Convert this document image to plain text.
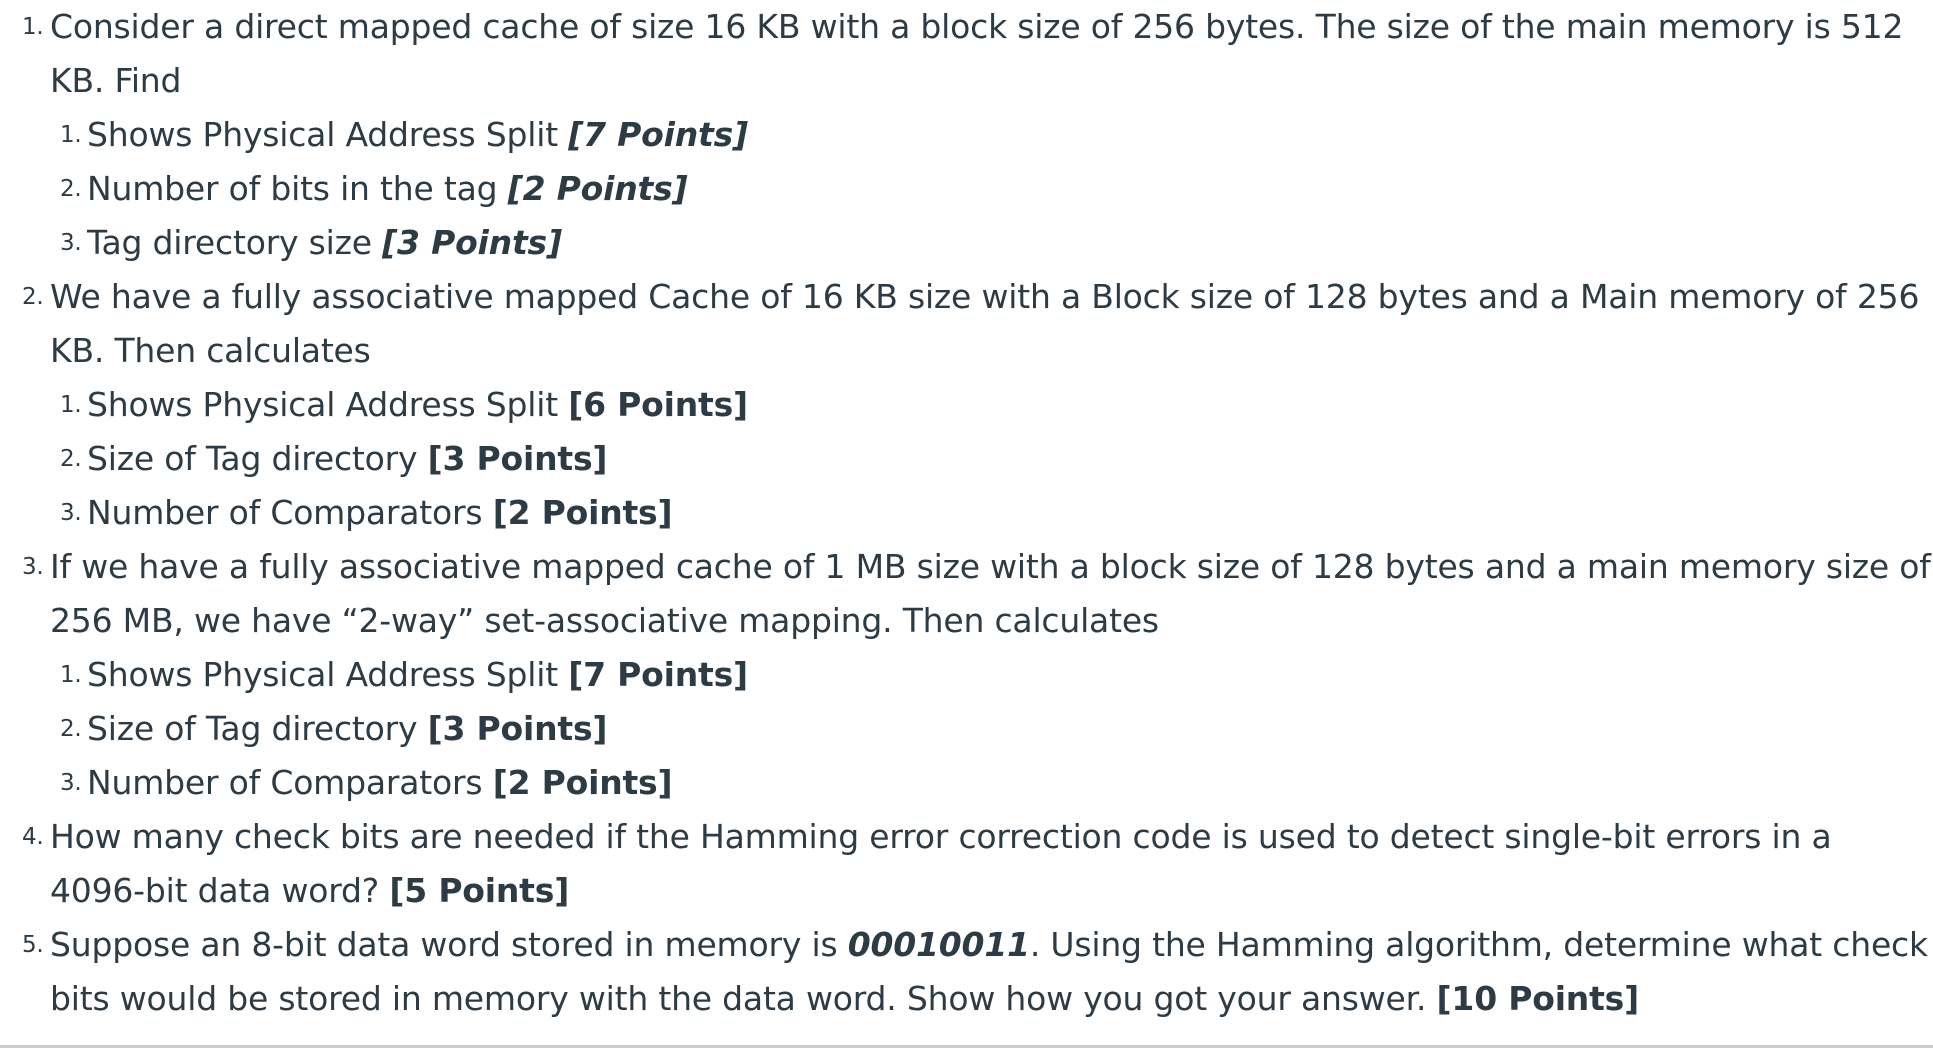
1. Consider a direct mapped cache of size 16 KB with a block size of 256 bytes. The size of the main memory is 512 KB. Find
1. Shows Physical Address Split [7 Points]
2. Number of bits in the tag [2 Points]
3. Tag directory size [3 Points]
2. We have a fully associative mapped Cache of 16 KB size with a Block size of 128 bytes and a Main memory of 256 KB. Then calculates
1. Shows Physical Address Split [6 Points]
2. Size of Tag directory [3 Points]
3. Number of Comparators [2 Points]
3. If we have a fully associative mapped cache of 1 MB size with a block size of 128 bytes and a main memory size of 256 MB, we have “2-way” set-associative mapping. Then calculates
1. Shows Physical Address Split [7 Points]
2. Size of Tag directory [3 Points]
3. Number of Comparators [2 Points]
4. How many check bits are needed if the Hamming error correction code is used to detect single-bit errors in a 4096-bit data word? [5 Points]
5. Suppose an 8-bit data word stored in memory is 00010011. Using the Hamming algorithm, determine what check bits would be stored in memory with the data word. Show how you got your answer. [10 Points]
